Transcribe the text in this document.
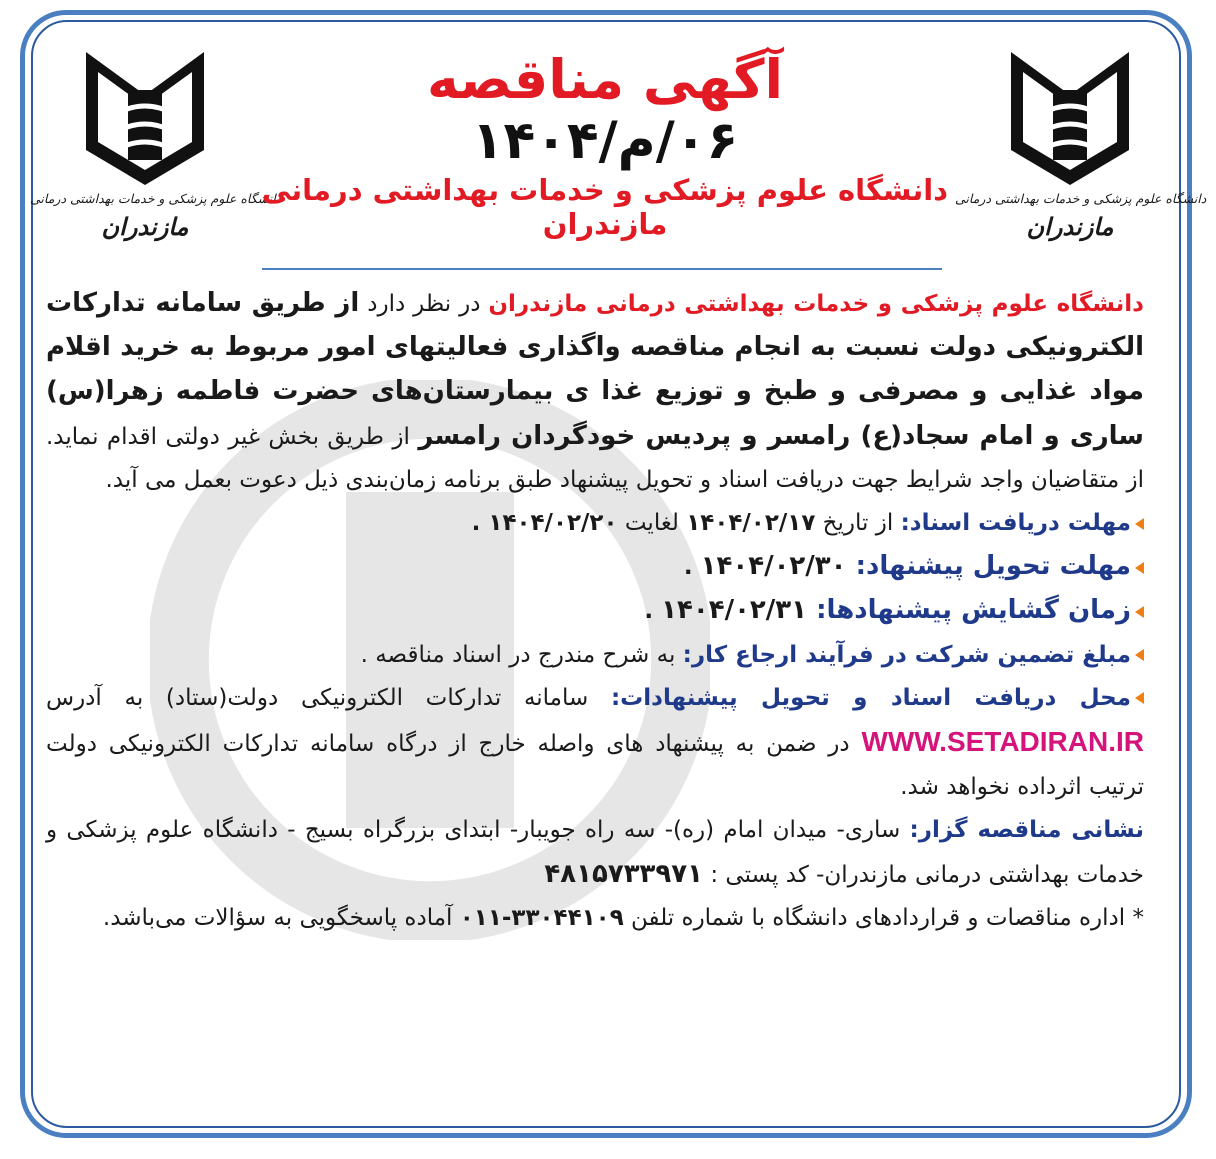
دانشگاه علوم پزشکی و خدمات بهداشتی درمانی
مازندران
دانشگاه علوم پزشکی و خدمات بهداشتی درمانی
مازندران
آگهی مناقصه
۰۶/م/۱۴۰۴
دانشگاه علوم پزشکی و خدمات بهداشتی درمانی مازندران

دانشگاه علوم پزشکی و خدمات بهداشتی درمانی مازندران در نظر دارد از طریق سامانه تدارکات الکترونیکی دولت نسبت به انجام مناقصه واگذاری فعالیتهای امور مربوط به خرید اقلام مواد غذایی و مصرفی و طبخ و توزیع غذا ی بیمارستان‌های حضرت فاطمه زهرا(س) ساری و امام سجاد(ع) رامسر و پردیس خودگردان رامسر از طریق بخش غیر دولتی اقدام نماید. از متقاضیان واجد شرایط جهت دریافت اسناد و تحویل پیشنهاد طبق برنامه زمان‌بندی ذیل دعوت بعمل می آید.

مهلت دریافت اسناد: از تاریخ ۱۴۰۴/۰۲/۱۷ لغایت ۱۴۰۴/۰۲/۲۰ .

مهلت تحویل پیشنهاد: ۱۴۰۴/۰۲/۳۰ .

زمان گشایش پیشنهادها: ۱۴۰۴/۰۲/۳۱ .

مبلغ تضمین شرکت در فرآیند ارجاع کار: به شرح مندرج در اسناد مناقصه .

محل دریافت اسناد و تحویل پیشنهادات: سامانه تدارکات الکترونیکی دولت(ستاد) به آدرس WWW.SETADIRAN.IR در ضمن به پیشنهاد های واصله خارج از درگاه سامانه تدارکات الکترونیکی دولت ترتیب اثرداده نخواهد شد.

نشانی مناقصه گزار: ساری- میدان امام (ره)- سه راه جویبار- ابتدای بزرگراه بسیج - دانشگاه علوم پزشکی و خدمات بهداشتی درمانی مازندران- کد پستی : ۴۸۱۵۷۳۳۹۷۱

* اداره مناقصات و قراردادهای دانشگاه با شماره تلفن ۰۱۱-۳۳۰۴۴۱۰۹ آماده پاسخگویی به سؤالات می‌باشد.
